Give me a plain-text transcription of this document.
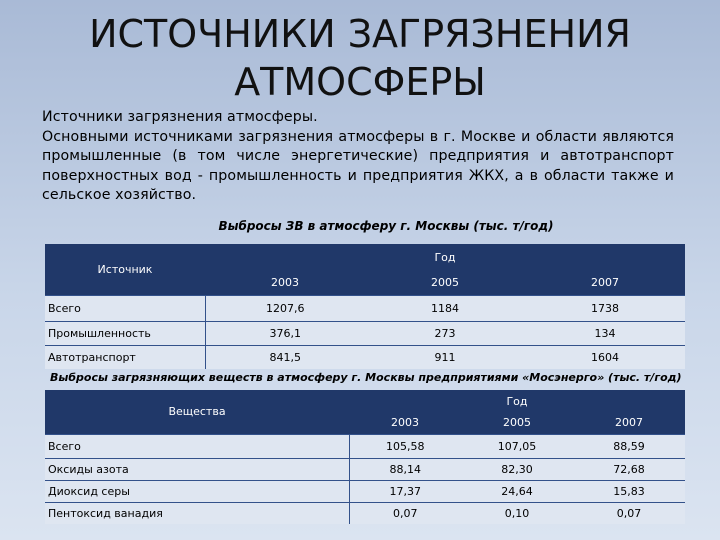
ИСТОЧНИКИ ЗАГРЯЗНЕНИЯ
АТМОСФЕРЫ

Источники загрязнения атмосферы.

Основными источниками загрязнения атмосферы в г. Москве и области являются промышленные (в том числе энергетические) предприятия и автотранспорт поверхностных вод - промышленность и предприятия ЖКХ, а в области также и сельское хозяйство.

Выбросы ЗВ в атмосферу г. Москвы (тыс. т/год)
Источник	Год		
	2003	2005	2007
Всего	1207,6	1184	1738
Промышленность	376,1	273	134
Автотранспорт	841,5	911	1604
Выбросы загрязняющих веществ в атмосферу г. Москвы предприятиями «Мосэнерго» (тыс. т/год)
Вещества	Год		
	2003	2005	2007
Всего	105,58	107,05	88,59
Оксиды азота	88,14	82,30	72,68
Диоксид серы	17,37	24,64	15,83
Пентоксид ванадия	0,07	0,10	0,07
